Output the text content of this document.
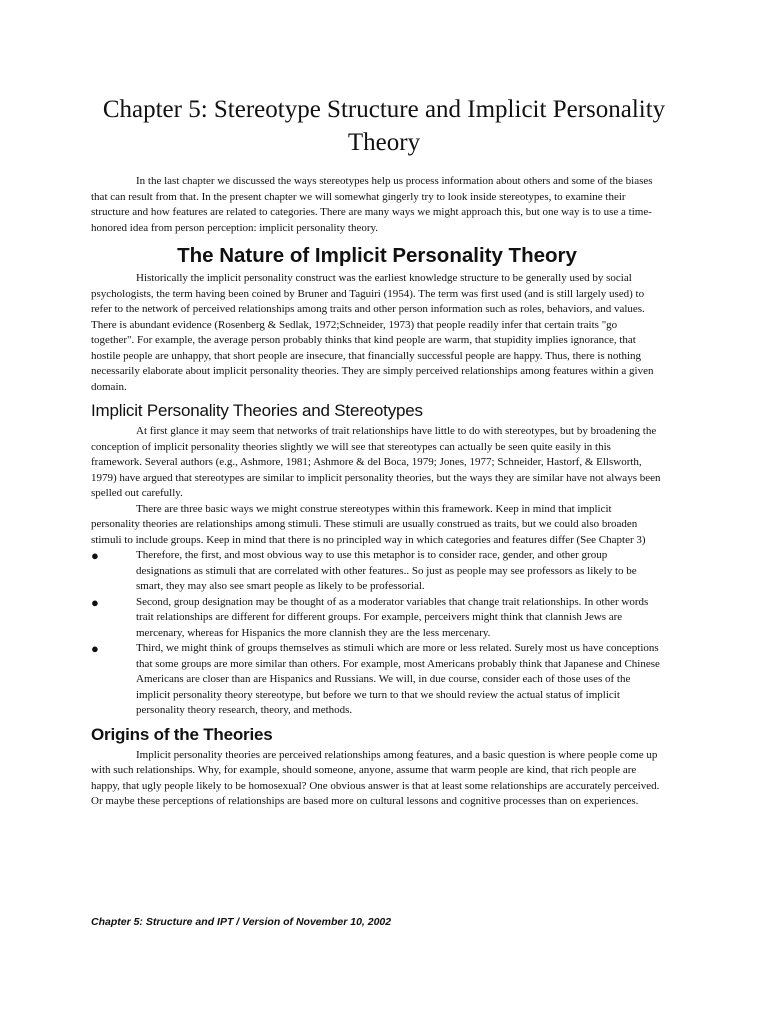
Chapter 5: Stereotype Structure and Implicit Personality Theory

In the last chapter we discussed the ways stereotypes help us process information about others and some of the biases that can result from that. In the present chapter we will somewhat gingerly try to look inside stereotypes, to examine their structure and how features are related to categories. There are many ways we might approach this, but one way is to use a time-honored idea from person perception: implicit personality theory.

The Nature of Implicit Personality Theory

Historically the implicit personality construct was the earliest knowledge structure to be generally used by social psychologists, the term having been coined by Bruner and Taguiri (1954). The term was first used (and is still largely used) to refer to the network of perceived relationships among traits and other person information such as roles, behaviors, and values. There is abundant evidence (Rosenberg & Sedlak, 1972;Schneider, 1973) that people readily infer that certain traits "go together". For example, the average person probably thinks that kind people are warm, that stupidity implies ignorance, that hostile people are unhappy, that short people are insecure, that financially successful people are happy. Thus, there is nothing necessarily elaborate about implicit personality theories. They are simply perceived relationships among features within a given domain.

Implicit Personality Theories and Stereotypes

At first glance it may seem that networks of trait relationships have little to do with stereotypes, but by broadening the conception of implicit personality theories slightly we will see that stereotypes can actually be seen quite easily in this framework. Several authors (e.g., Ashmore, 1981; Ashmore & del Boca, 1979; Jones, 1977; Schneider, Hastorf, & Ellsworth, 1979) have argued that stereotypes are similar to implicit personality theories, but the ways they are similar have not always been spelled out carefully.

There are three basic ways we might construe stereotypes within this framework. Keep in mind that implicit personality theories are relationships among stimuli. These stimuli are usually construed as traits, but we could also broaden stimuli to include groups. Keep in mind that there is no principled way in which categories and features differ (See Chapter 3)

●	Therefore, the first, and most obvious way to use this metaphor is to consider race, gender, and other group designations as stimuli that are correlated with other features.. So just as people may see professors as likely to be smart, they may also see smart people as likely to be professorial.
●	Second, group designation may be thought of as a moderator variables that change trait relationships. In other words trait relationships are different for different groups. For example, perceivers might think that clannish Jews are mercenary, whereas for Hispanics the more clannish they are the less mercenary.
●	Third, we might think of groups themselves as stimuli which are more or less related. Surely most us have conceptions that some groups are more similar than others. For example, most Americans probably think that Japanese and Chinese Americans are closer than are Hispanics and Russians. We will, in due course, consider each of those uses of the implicit personality theory stereotype, but before we turn to that we should review the actual status of implicit personality theory research, theory, and methods.
Origins of the Theories

Implicit personality theories are perceived relationships among features, and a basic question is where people come up with such relationships. Why, for example, should someone, anyone, assume that warm people are kind, that rich people are happy, that ugly people likely to be homosexual? One obvious answer is that at least some relationships are accurately perceived. Or maybe these perceptions of relationships are based more on cultural lessons and cognitive processes than on experiences.

Chapter 5: Structure and IPT / Version of November 10, 2002
